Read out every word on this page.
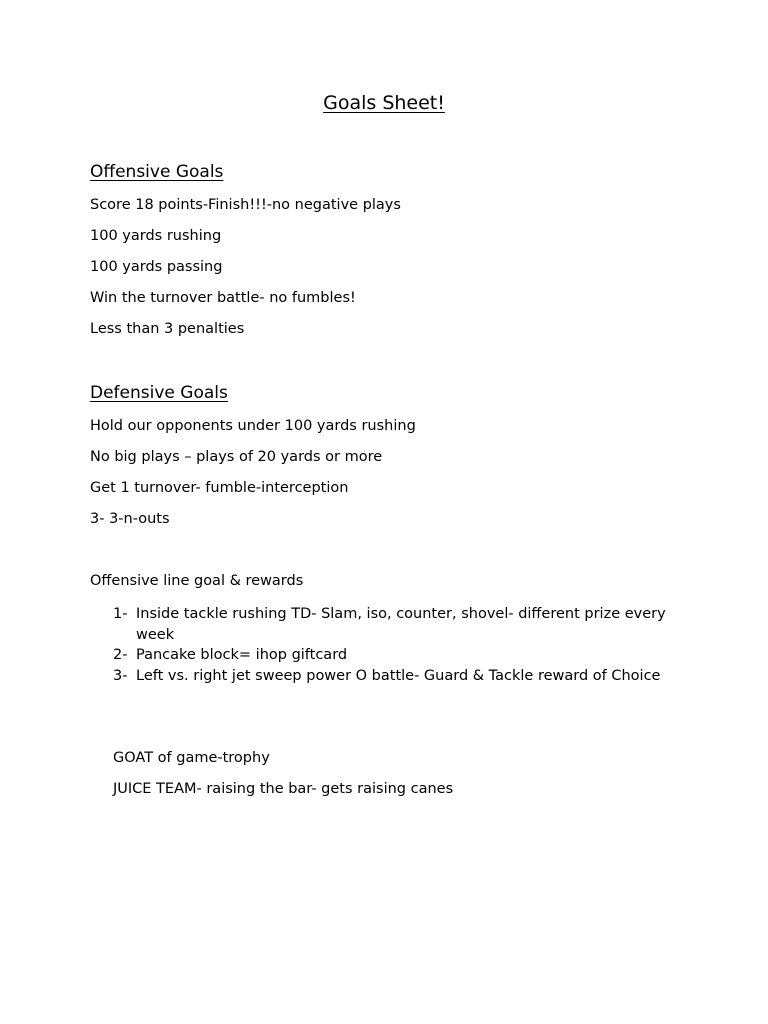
Goals Sheet!
Offensive Goals

Score 18 points-Finish!!!-no negative plays

100 yards rushing

100 yards passing

Win the turnover battle- no fumbles!

Less than 3 penalties

Defensive Goals

Hold our opponents under 100 yards rushing

No big plays – plays of 20 yards or more

Get 1 turnover- fumble-interception

3- 3-n-outs

Offensive line goal & rewards

1- Inside tackle rushing TD- Slam, iso, counter, shovel- different prize every week
2- Pancake block= ihop giftcard
3- Left vs. right jet sweep power O battle- Guard & Tackle reward of Choice

GOAT of game-trophy

JUICE TEAM- raising the bar- gets raising canes
